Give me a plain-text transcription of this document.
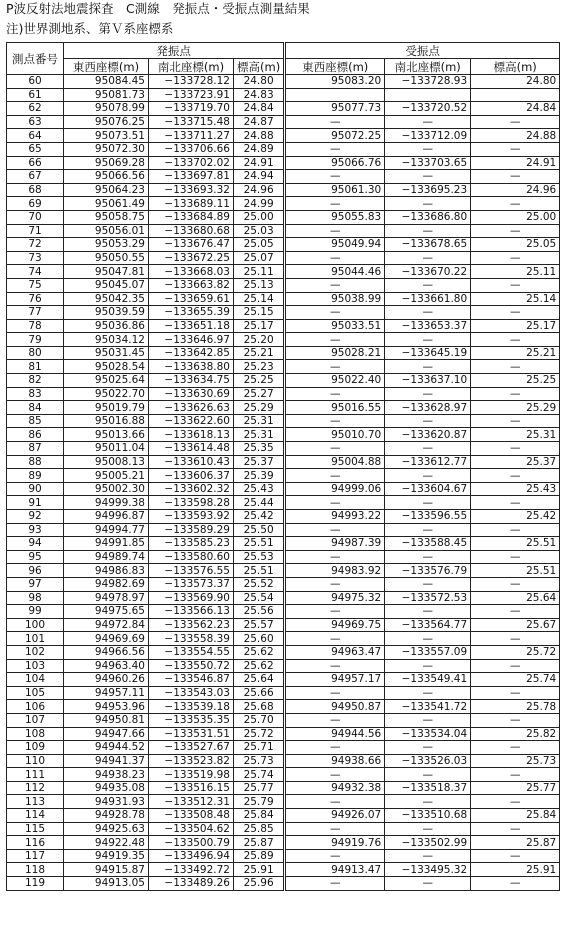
P波反射法地震探査　C測線　発振点・受振点測量結果
注)世界測地系、第Ｖ系座標系
測点番号	発振点			受振点		
	東西座標(m)	南北座標(m)	標高(m)	東西座標(m)	南北座標(m)	標高(m)
60	95084.45	−133728.12	24.80	95083.20	−133728.93	24.80
61	95081.73	−133723.91	24.83			
62	95078.99	−133719.70	24.84	95077.73	−133720.52	24.84
63	95076.25	−133715.48	24.87	—	—	—
64	95073.51	−133711.27	24.88	95072.25	−133712.09	24.88
65	95072.30	−133706.66	24.89	—	—	—
66	95069.28	−133702.02	24.91	95066.76	−133703.65	24.91
67	95066.56	−133697.81	24.94	—	—	—
68	95064.23	−133693.32	24.96	95061.30	−133695.23	24.96
69	95061.49	−133689.11	24.99	—	—	—
70	95058.75	−133684.89	25.00	95055.83	−133686.80	25.00
71	95056.01	−133680.68	25.03	—	—	—
72	95053.29	−133676.47	25.05	95049.94	−133678.65	25.05
73	95050.55	−133672.25	25.07	—	—	—
74	95047.81	−133668.03	25.11	95044.46	−133670.22	25.11
75	95045.07	−133663.82	25.13	—	—	—
76	95042.35	−133659.61	25.14	95038.99	−133661.80	25.14
77	95039.59	−133655.39	25.15	—	—	—
78	95036.86	−133651.18	25.17	95033.51	−133653.37	25.17
79	95034.12	−133646.97	25.20	—	—	—
80	95031.45	−133642.85	25.21	95028.21	−133645.19	25.21
81	95028.54	−133638.80	25.23	—	—	—
82	95025.64	−133634.75	25.25	95022.40	−133637.10	25.25
83	95022.70	−133630.69	25.27	—	—	—
84	95019.79	−133626.63	25.29	95016.55	−133628.97	25.29
85	95016.88	−133622.60	25.31	—	—	—
86	95013.66	−133618.13	25.31	95010.70	−133620.87	25.31
87	95011.04	−133614.48	25.35	—	—	—
88	95008.13	−133610.43	25.37	95004.88	−133612.77	25.37
89	95005.21	−133606.37	25.39	—	—	—
90	95002.30	−133602.32	25.43	94999.06	−133604.67	25.43
91	94999.38	−133598.28	25.44	—	—	—
92	94996.87	−133593.92	25.42	94993.22	−133596.55	25.42
93	94994.77	−133589.29	25.50	—	—	—
94	94991.85	−133585.23	25.51	94987.39	−133588.45	25.51
95	94989.74	−133580.60	25.53	—	—	—
96	94986.83	−133576.55	25.51	94983.92	−133576.79	25.51
97	94982.69	−133573.37	25.52	—	—	—
98	94978.97	−133569.90	25.54	94975.32	−133572.53	25.64
99	94975.65	−133566.13	25.56	—	—	—
100	94972.84	−133562.23	25.57	94969.75	−133564.77	25.67
101	94969.69	−133558.39	25.60	—	—	—
102	94966.56	−133554.55	25.62	94963.47	−133557.09	25.72
103	94963.40	−133550.72	25.62	—	—	—
104	94960.26	−133546.87	25.64	94957.17	−133549.41	25.74
105	94957.11	−133543.03	25.66	—	—	—
106	94953.96	−133539.18	25.68	94950.87	−133541.72	25.78
107	94950.81	−133535.35	25.70	—	—	—
108	94947.66	−133531.51	25.72	94944.56	−133534.04	25.82
109	94944.52	−133527.67	25.71	—	—	—
110	94941.37	−133523.82	25.73	94938.66	−133526.03	25.73
111	94938.23	−133519.98	25.74	—	—	—
112	94935.08	−133516.15	25.77	94932.38	−133518.37	25.77
113	94931.93	−133512.31	25.79	—	—	—
114	94928.78	−133508.48	25.84	94926.07	−133510.68	25.84
115	94925.63	−133504.62	25.85	—	—	—
116	94922.48	−133500.79	25.87	94919.76	−133502.99	25.87
117	94919.35	−133496.94	25.89	—	—	—
118	94915.87	−133492.72	25.91	94913.47	−133495.32	25.91
119	94913.05	−133489.26	25.96	—	—	—
